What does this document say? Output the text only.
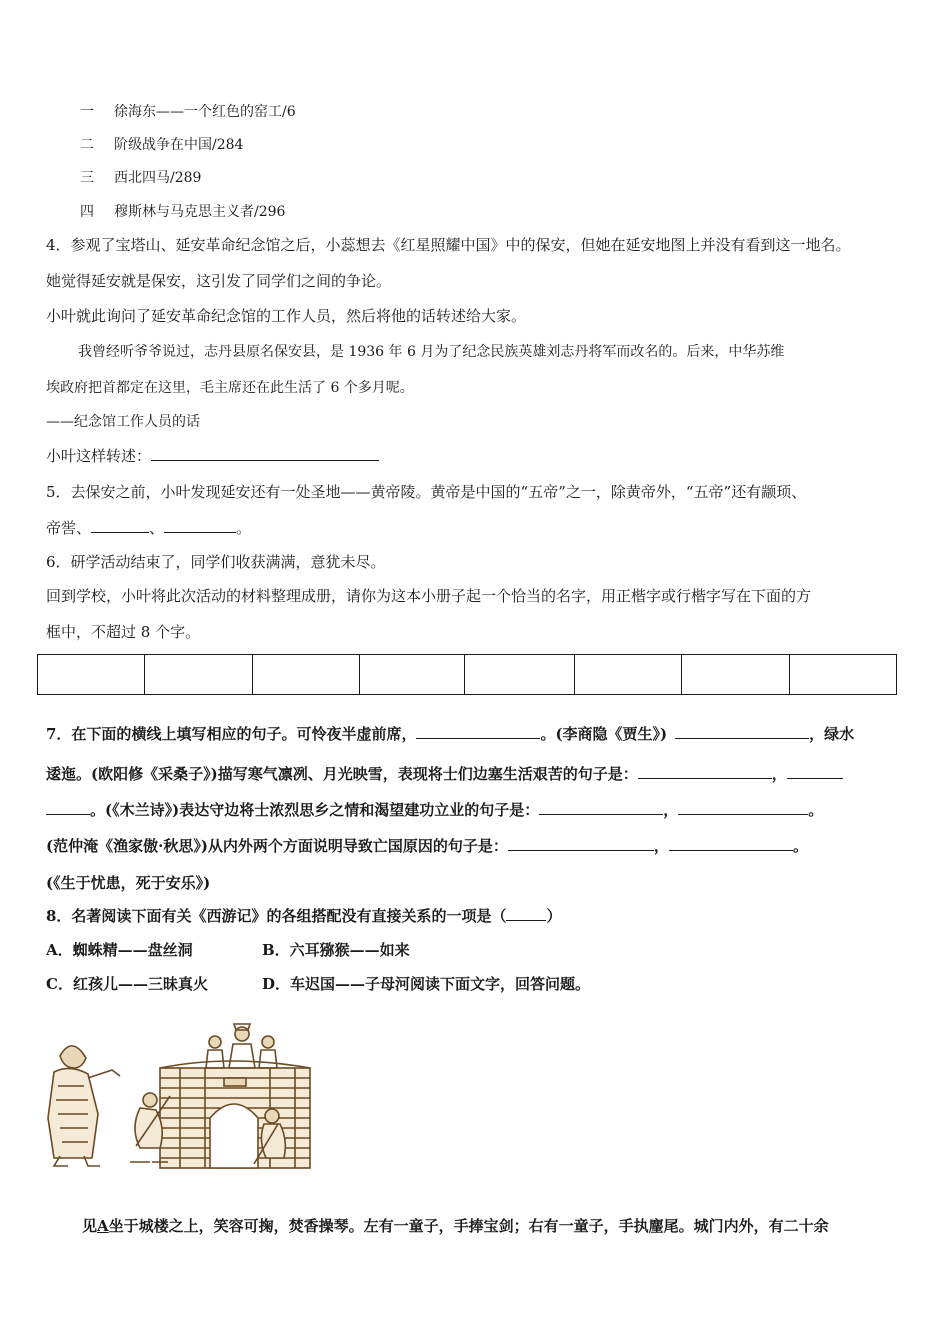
一 徐海东——一个红色的窑工/6
二 阶级战争在中国/284
三 西北四马/289
四 穆斯林与马克思主义者/296
4．参观了宝塔山、延安革命纪念馆之后，小蕊想去《红星照耀中国》中的保安，但她在延安地图上并没有看到这一地名。
她觉得延安就是保安，这引发了同学们之间的争论。
小叶就此询问了延安革命纪念馆的工作人员，然后将他的话转述给大家。
我曾经听爷爷说过，志丹县原名保安县，是 1936 年 6 月为了纪念民族英雄刘志丹将军而改名的。后来，中华苏维
埃政府把首都定在这里，毛主席还在此生活了 6 个多月呢。
——纪念馆工作人员的话
小叶这样转述：
5．去保安之前，小叶发现延安还有一处圣地——黄帝陵。黄帝是中国的“五帝”之一，除黄帝外，“五帝”还有颛顼、
帝喾、	、	。
6．研学活动结束了，同学们收获满满，意犹未尽。
回到学校，小叶将此次活动的材料整理成册，请你为这本小册子起一个恰当的名字，用正楷字或行楷字写在下面的方
框中，不超过 8 个字。

7．在下面的横线上填写相应的句子。可怜夜半虚前席，	。(李商隐《贾生》)	，绿水
逶迤。(欧阳修《采桑子》)描写寒气凛冽、月光映雪，表现将士们边塞生活艰苦的句子是：	，
。(《木兰诗》)表达守边将士浓烈思乡之情和渴望建功立业的句子是：	，	。
(范仲淹《渔家傲·秋思》)从内外两个方面说明导致亡国原因的句子是：	，	。
(《生于忧患，死于安乐》)
8．名著阅读下面有关《西游记》的各组搭配没有直接关系的一项是（	）
A．蜘蛛精——盘丝洞	B．六耳猕猴——如来
C．红孩儿——三昧真火	D．车迟国——子母河阅读下面文字，回答问题。
见A坐于城楼之上，笑容可掬，焚香操琴。左有一童子，手捧宝剑；右有一童子，手执麈尾。城门内外，有二十余
